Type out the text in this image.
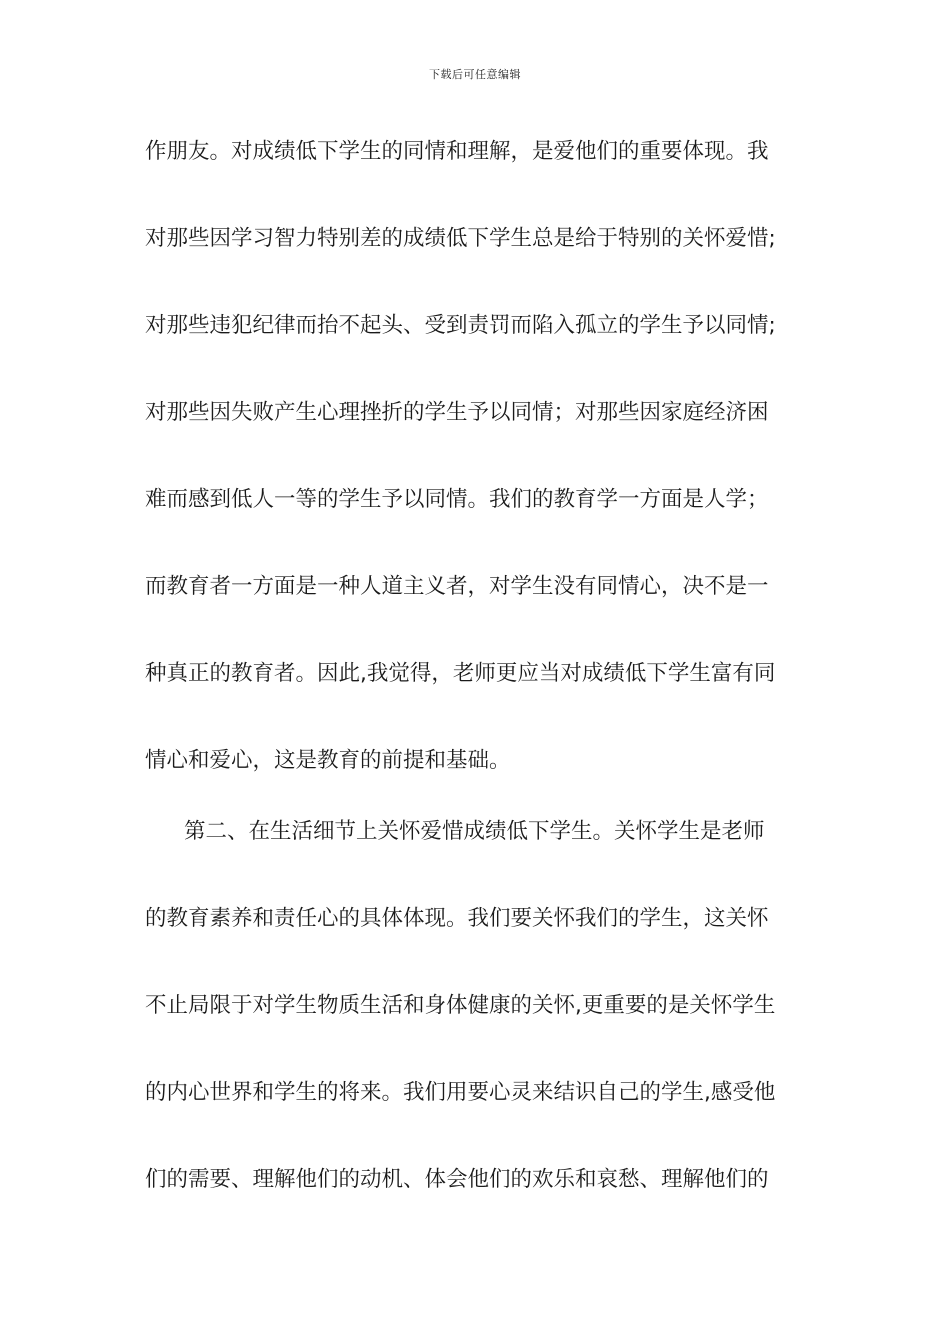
下载后可任意编辑
作朋友。对成绩低下学生的同情和理解，是爱他们的重要体现。我
对那些因学习智力特别差的成绩低下学生总是给于特别的关怀爱惜;
对那些违犯纪律而抬不起头、受到责罚而陷入孤立的学生予以同情;
对那些因失败产生心理挫折的学生予以同情；对那些因家庭经济困
难而感到低人一等的学生予以同情。我们的教育学一方面是人学；
而教育者一方面是一种人道主义者，对学生没有同情心，决不是一
种真正的教育者。因此,我觉得，老师更应当对成绩低下学生富有同
情心和爱心，这是教育的前提和基础。
第二、在生活细节上关怀爱惜成绩低下学生。关怀学生是老师
的教育素养和责任心的具体体现。我们要关怀我们的学生，这关怀
不止局限于对学生物质生活和身体健康的关怀,更重要的是关怀学生
的内心世界和学生的将来。我们用要心灵来结识自己的学生,感受他
们的需要、理解他们的动机、体会他们的欢乐和哀愁、理解他们的
